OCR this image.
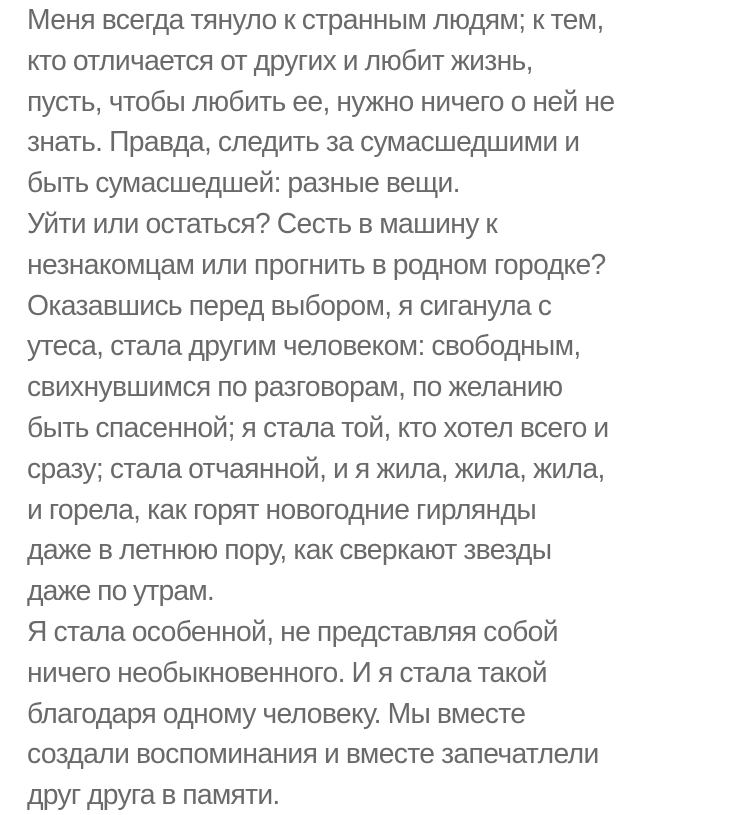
Меня всегда тянуло к странным людям; к тем,
кто отличается от других и любит жизнь,
пусть, чтобы любить ее, нужно ничего о ней не
знать. Правда, следить за сумасшедшими и
быть сумасшедшей: разные вещи.
Уйти или остаться? Сесть в машину к
незнакомцам или прогнить в родном городке?
Оказавшись перед выбором, я сиганула с
утеса, стала другим человеком: свободным,
свихнувшимся по разговорам, по желанию
быть спасенной; я стала той, кто хотел всего и
сразу; стала отчаянной, и я жила, жила, жила,
и горела, как горят новогодние гирлянды
даже в летнюю пору, как сверкают звезды
даже по утрам.
Я стала особенной, не представляя собой
ничего необыкновенного. И я стала такой
благодаря одному человеку. Мы вместе
создали воспоминания и вместе запечатлели
друг друга в памяти.
